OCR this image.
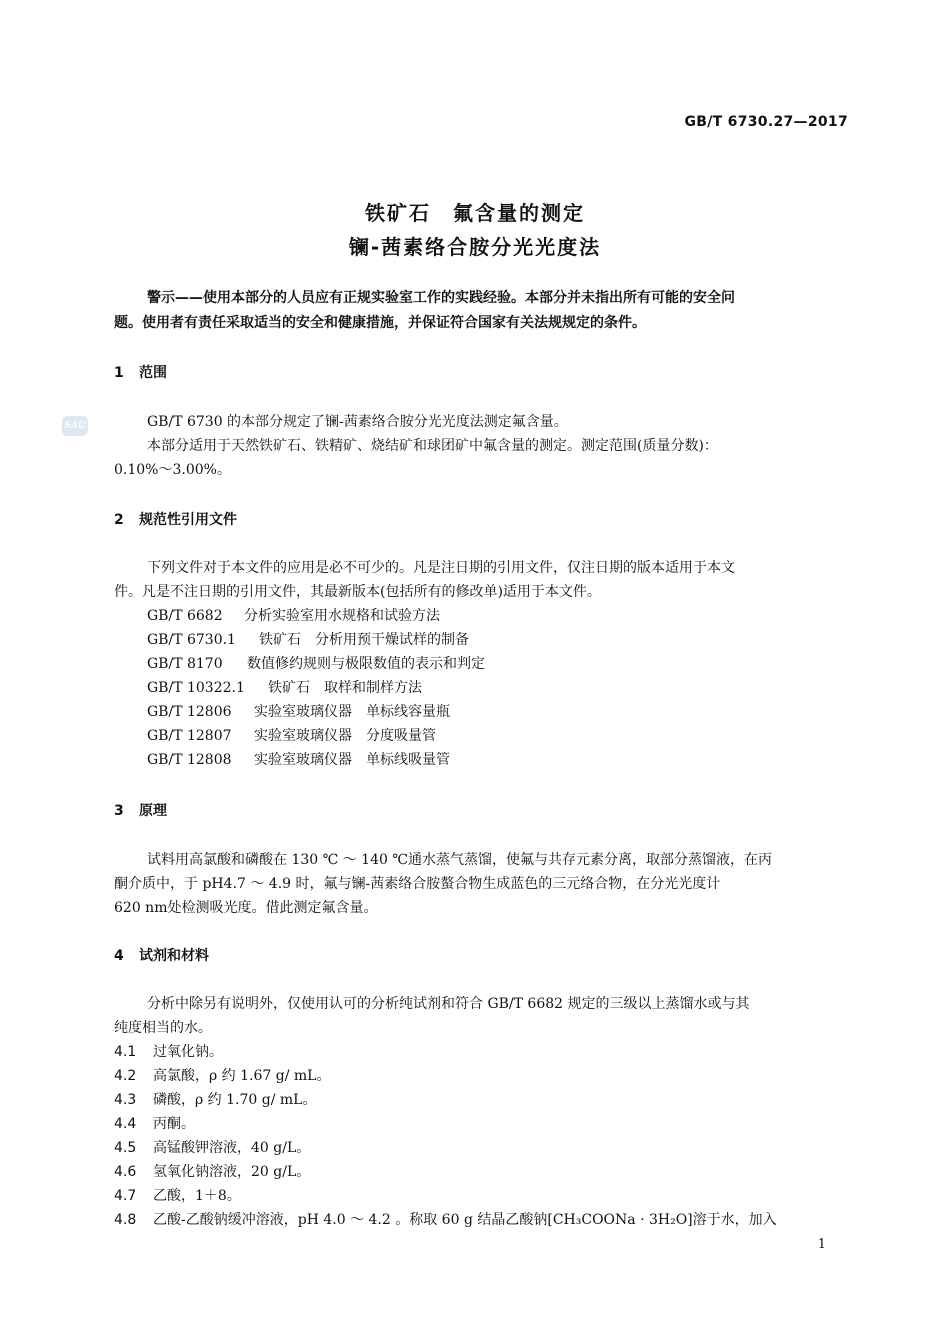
GB/T 6730.27—2017
SAC
铁矿石　氟含量的测定
镧-茜素络合胺分光光度法

警示——使用本部分的人员应有正规实验室工作的实践经验。本部分并未指出所有可能的安全问

题。使用者有责任采取适当的安全和健康措施，并保证符合国家有关法规规定的条件。
1 范围

GB/T 6730 的本部分规定了镧-茜素络合胺分光光度法测定氟含量。

本部分适用于天然铁矿石、铁精矿、烧结矿和球团矿中氟含量的测定。测定范围(质量分数)：

0.10%～3.00%。
2 规范性引用文件

下列文件对于本文件的应用是必不可少的。凡是注日期的引用文件，仅注日期的版本适用于本文

件。凡是不注日期的引用文件，其最新版本(包括所有的修改单)适用于本文件。
GB/T 6682 分析实验室用水规格和试验方法
GB/T 6730.1 铁矿石　分析用预干燥试样的制备
GB/T 8170 数值修约规则与极限数值的表示和判定
GB/T 10322.1 铁矿石　取样和制样方法
GB/T 12806 实验室玻璃仪器　单标线容量瓶
GB/T 12807 实验室玻璃仪器　分度吸量管
GB/T 12808 实验室玻璃仪器　单标线吸量管
3 原理

试料用高氯酸和磷酸在 130 ℃ ～ 140 ℃通水蒸气蒸馏，使氟与共存元素分离，取部分蒸馏液，在丙

酮介质中，于 pH4.7 ～ 4.9 时，氟与镧-茜素络合胺螯合物生成蓝色的三元络合物，在分光光度计
620 nm处检测吸光度。借此测定氟含量。
4 试剂和材料

分析中除另有说明外，仅使用认可的分析纯试剂和符合 GB/T 6682 规定的三级以上蒸馏水或与其

纯度相当的水。
4.1 过氧化钠。
4.2 高氯酸，ρ 约 1.67 g/ mL。
4.3 磷酸，ρ 约 1.70 g/ mL。
4.4 丙酮。
4.5 高锰酸钾溶液，40 g/L。
4.6 氢氧化钠溶液，20 g/L。
4.7 乙酸，1＋8。
4.8 乙酸-乙酸钠缓冲溶液，pH 4.0 ～ 4.2 。称取 60 g 结晶乙酸钠[CH₃COONa · 3H₂O]溶于水，加入
1
